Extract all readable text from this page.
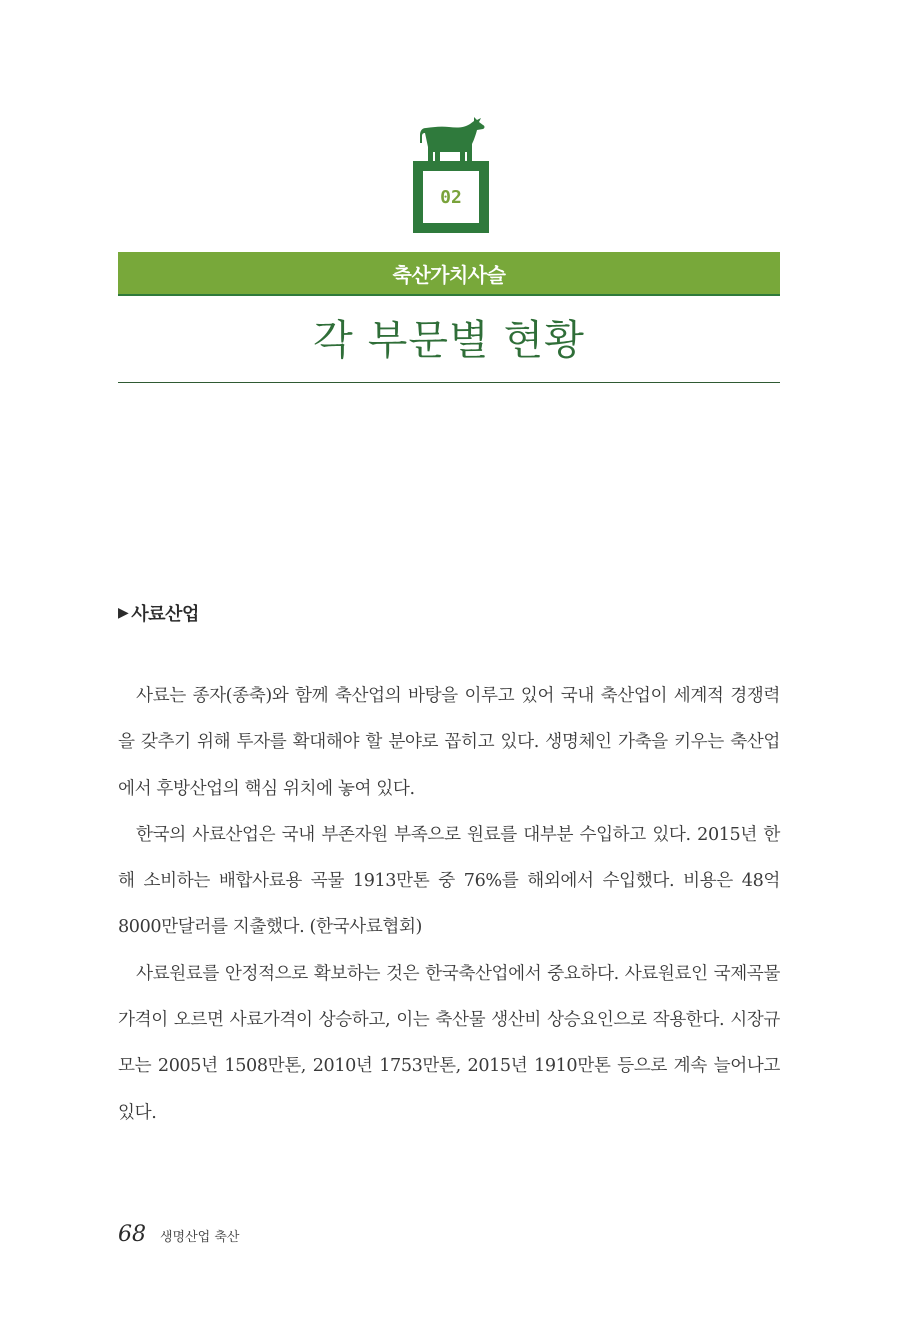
02
축산가치사슬
각 부문별 현황
▶ 사료산업

사료는 종자(종축)와 함께 축산업의 바탕을 이루고 있어 국내 축산업이 세계적 경쟁력을 갖추기 위해 투자를 확대해야 할 분야로 꼽히고 있다. 생명체인 가축을 키우는 축산업에서 후방산업의 핵심 위치에 놓여 있다.

한국의 사료산업은 국내 부존자원 부족으로 원료를 대부분 수입하고 있다. 2015년 한 해 소비하는 배합사료용 곡물 1913만톤 중 76%를 해외에서 수입했다. 비용은 48억8000만달러를 지출했다. (한국사료협회)

사료원료를 안정적으로 확보하는 것은 한국축산업에서 중요하다. 사료원료인 국제곡물가격이 오르면 사료가격이 상승하고, 이는 축산물 생산비 상승요인으로 작용한다. 시장규모는 2005년 1508만톤, 2010년 1753만톤, 2015년 1910만톤 등으로 계속 늘어나고 있다.

68 생명산업 축산
